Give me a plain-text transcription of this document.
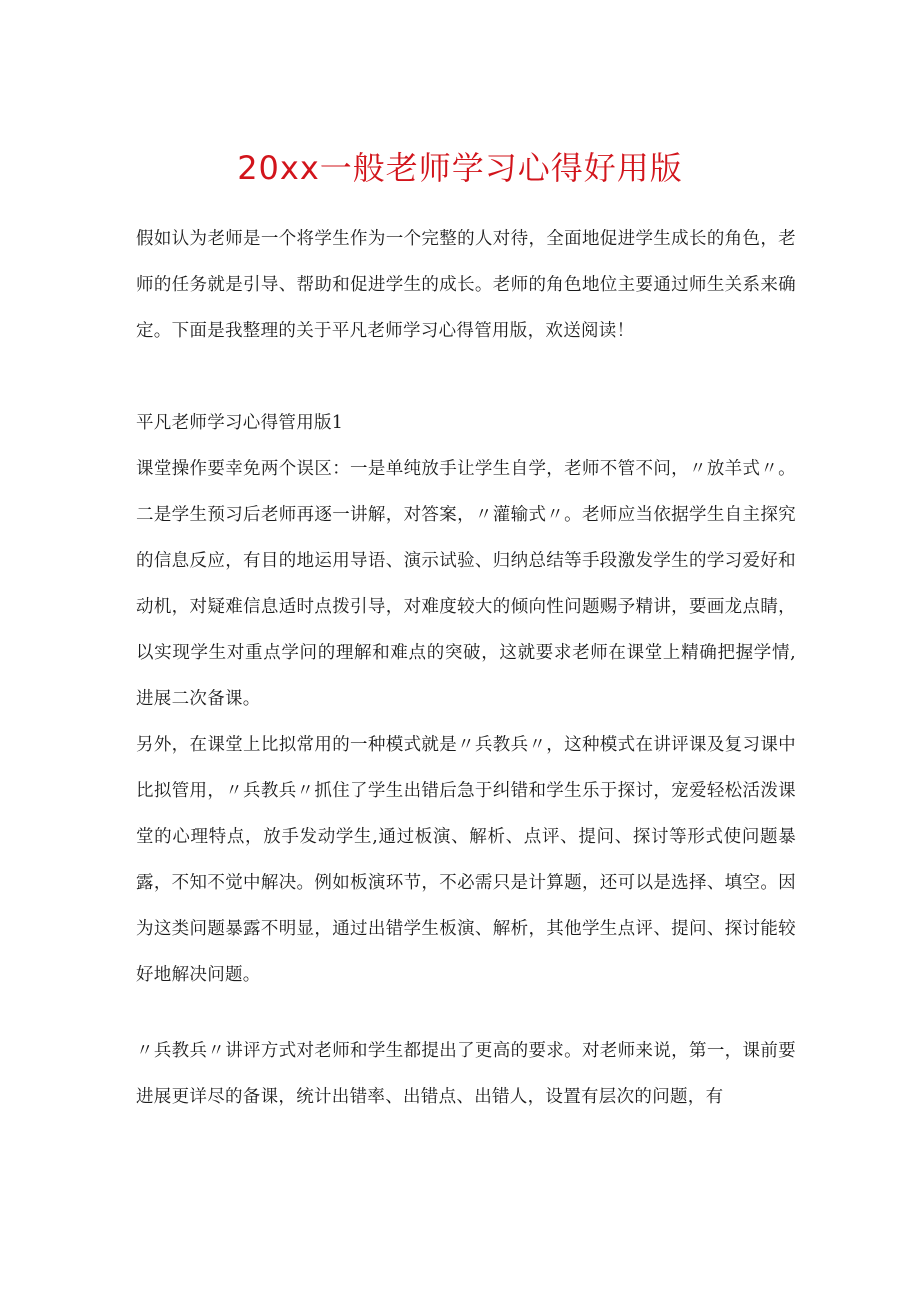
20xx一般老师学习心得好用版

假如认为老师是一个将学生作为一个完整的人对待，全面地促进学生成长的角色，老师的任务就是引导、帮助和促进学生的成长。老师的角色地位主要通过师生关系来确定。下面是我整理的关于平凡老师学习心得管用版，欢送阅读！

平凡老师学习心得管用版1

课堂操作要幸免两个误区：一是单纯放手让学生自学，老师不管不问，〃放羊式〃。二是学生预习后老师再逐一讲解，对答案，〃灌输式〃。老师应当依据学生自主探究的信息反应，有目的地运用导语、演示试验、归纳总结等手段激发学生的学习爱好和动机，对疑难信息适时点拨引导，对难度较大的倾向性问题赐予精讲，要画龙点睛，以实现学生对重点学问的理解和难点的突破，这就要求老师在课堂上精确把握学情,进展二次备课。

另外，在课堂上比拟常用的一种模式就是〃兵教兵〃，这种模式在讲评课及复习课中比拟管用，〃兵教兵〃抓住了学生出错后急于纠错和学生乐于探讨，宠爱轻松活泼课堂的心理特点，放手发动学生,通过板演、解析、点评、提问、探讨等形式使问题暴露，不知不觉中解决。例如板演环节，不必需只是计算题，还可以是选择、填空。因为这类问题暴露不明显，通过出错学生板演、解析，其他学生点评、提问、探讨能较好地解决问题。

〃兵教兵〃讲评方式对老师和学生都提出了更高的要求。对老师来说，第一，课前要进展更详尽的备课，统计出错率、出错点、出错人，设置有层次的问题，有
